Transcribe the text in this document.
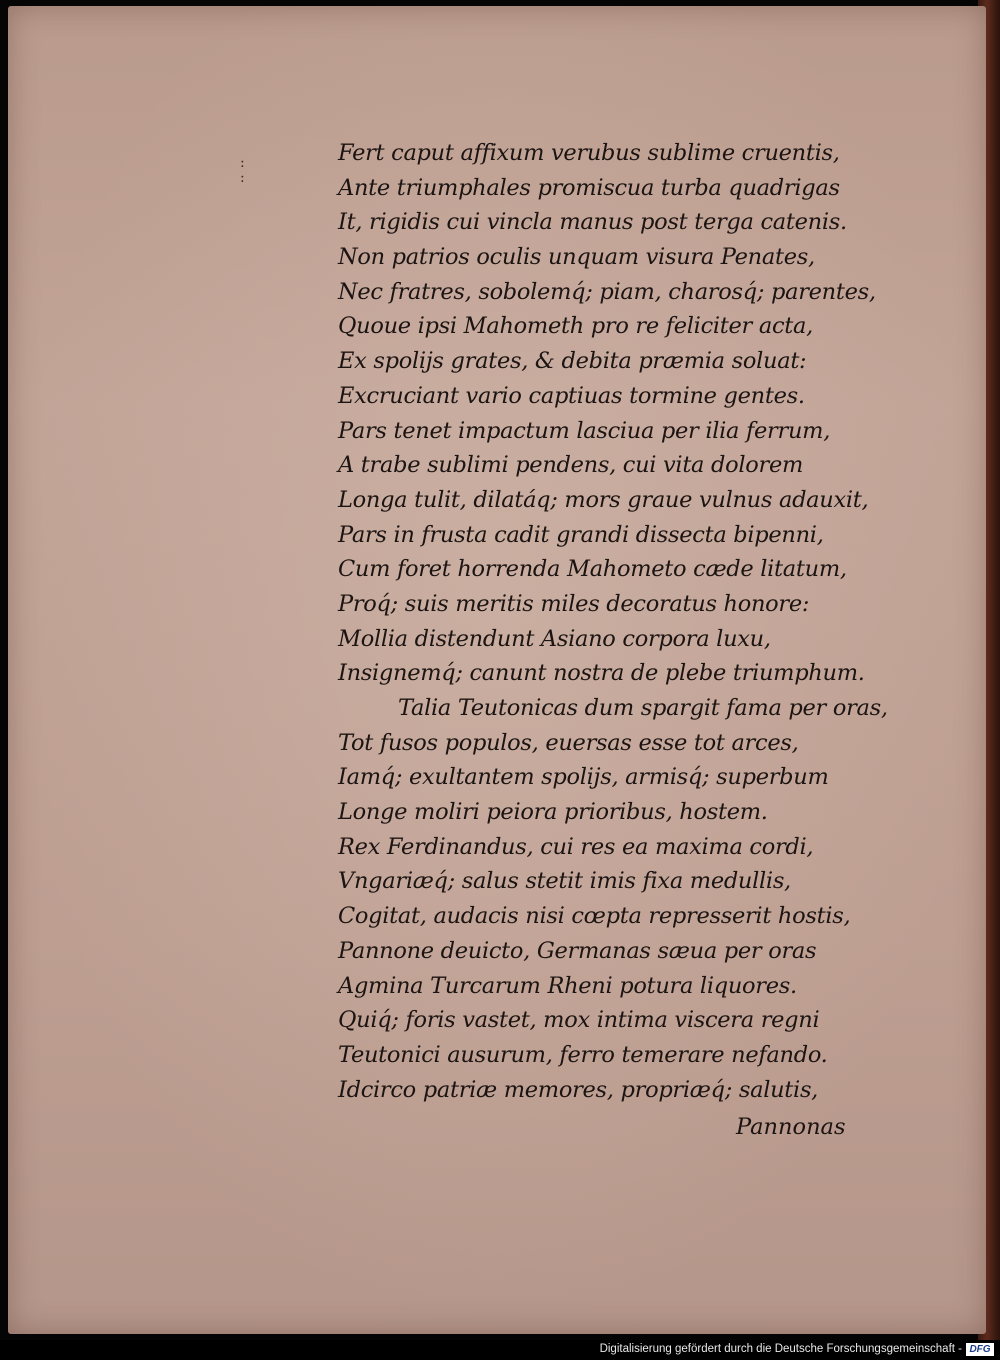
:
:
Fert caput affixum verubus sublime cruentis,
Ante triumphales promiscua turba quadrigas
It, rigidis cui vincla manus post terga catenis.
Non patrios oculis unquam visura Penates,
Nec fratres, sobolemq́; piam, charosq́; parentes,
Quoue ipsi Mahometh pro re feliciter acta,
Ex spolijs grates, & debita præmia soluat:
Excruciant vario captiuas tormine gentes.
Pars tenet impactum lasciua per ilia ferrum,
A trabe sublimi pendens, cui vita dolorem
Longa tulit, dilatáq; mors graue vulnus adauxit,
Pars in frusta cadit grandi dissecta bipenni,
Cum foret horrenda Mahometo cæde litatum,
Proq́; suis meritis miles decoratus honore:
Mollia distendunt Asiano corpora luxu,
Insignemq́; canunt nostra de plebe triumphum.
Talia Teutonicas dum spargit fama per oras,
Tot fusos populos, euersas esse tot arces,
Iamq́; exultantem spolijs, armisq́; superbum
Longe moliri peiora prioribus, hostem.
Rex Ferdinandus, cui res ea maxima cordi,
Vngariæq́; salus stetit imis fixa medullis,
Cogitat, audacis nisi cœpta represserit hostis,
Pannone deuicto, Germanas sæua per oras
Agmina Turcarum Rheni potura liquores.
Quiq́; foris vastet, mox intima viscera regni
Teutonici ausurum, ferro temerare nefando.
Idcirco patriæ memores, propriæq́; salutis,
Pannonas
Digitalisierung gefördert durch die Deutsche Forschungsgemeinschaft - DFG
